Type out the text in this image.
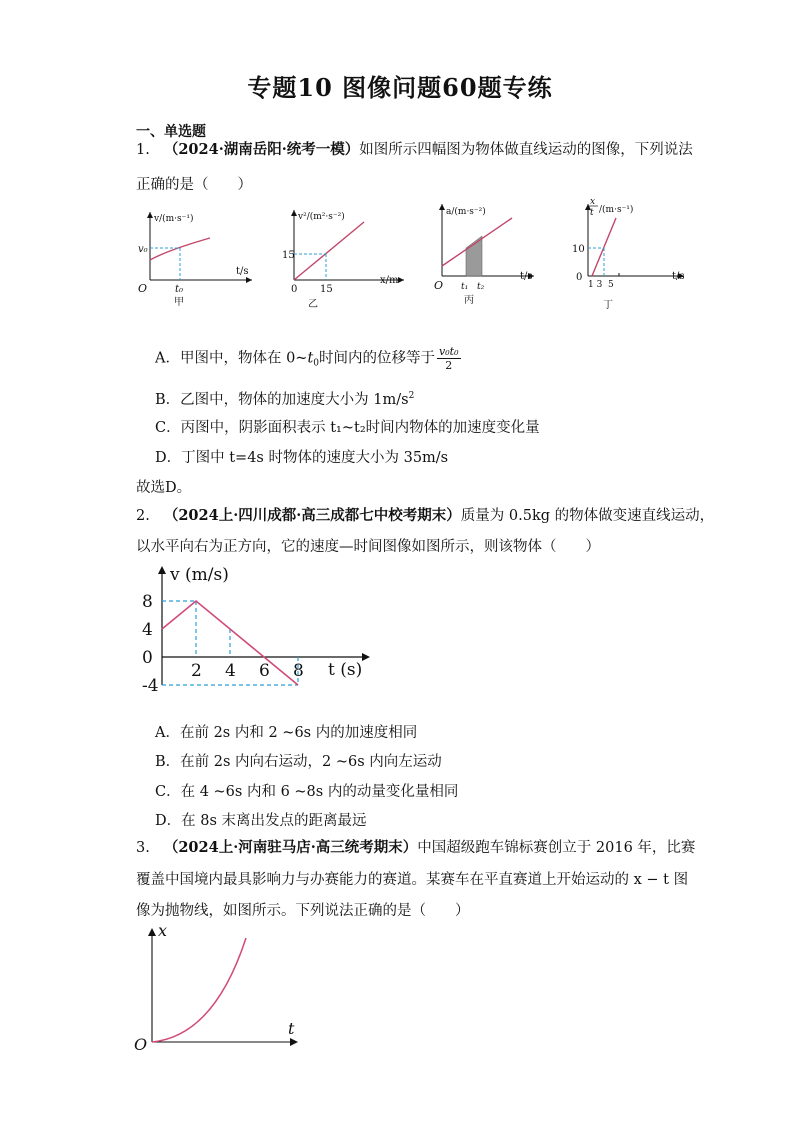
专题10 图像问题60题专练
一、单选题
1. （2024·湖南岳阳·统考一模）如图所示四幅图为物体做直线运动的图像，下列说法
正确的是（　　）
v/(m·s⁻¹)
v₀
t₀
O
t/s
甲
v²/(m²·s⁻²)
15
15
0
x/m
乙
a/(m·s⁻²)
t₁ t₂
O
t/s
丙
x
t /(m·s⁻¹)
10
0
1 3  5
t/s
丁
A．甲图中，物体在 $0\sim t_0$时间内的位移等于 $\frac{\text{v₀t₀}}{2}$
B．乙图中，物体的加速度大小为 $1m/s^2$
C．丙图中，阴影面积表示 t₁~t₂时间内物体的加速度变化量
D．丁图中 t=4s 时物体的速度大小为 35m/s
故选D。
2. （2024上·四川成都·高三成都七中校考期末）质量为 0.5kg 的物体做变速直线运动，
以水平向右为正方向，它的速度—时间图像如图所示，则该物体（　　）
v (m/s)
t (s)
8
4
0
-4
2 4 6 8
A．在前 2s 内和 2 ~6s 内的加速度相同
B．在前 2s 内向右运动，2 ~6s 内向左运动
C．在 4 ~6s 内和 6 ~8s 内的动量变化量相同
D．在 8s 末离出发点的距离最远
3. （2024上·河南驻马店·高三统考期末）中国超级跑车锦标赛创立于 2016 年，比赛
覆盖中国境内最具影响力与办赛能力的赛道。某赛车在平直赛道上开始运动的 x − t 图
像为抛物线，如图所示。下列说法正确的是（　　）
x
t
O
